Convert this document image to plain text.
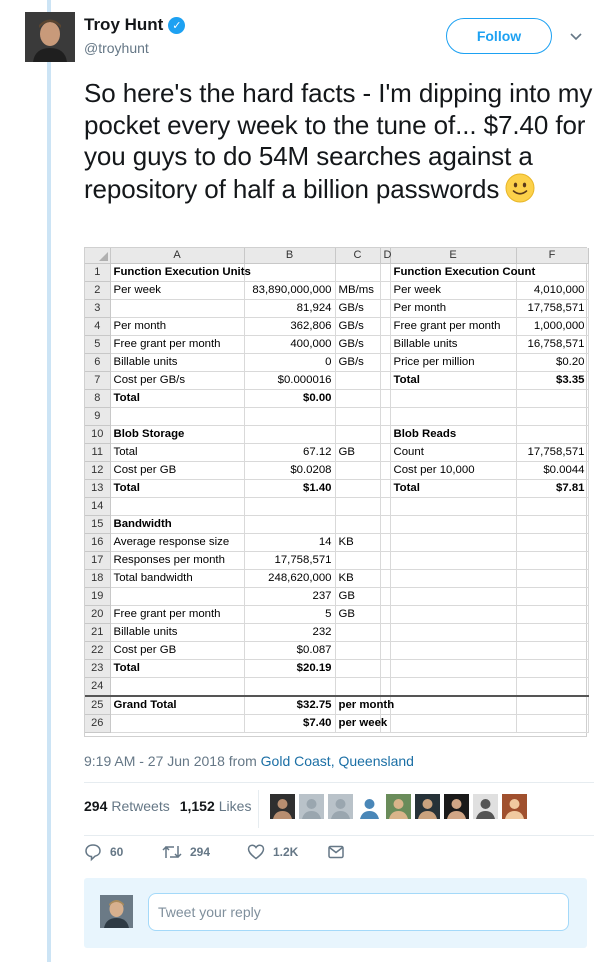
Troy Hunt ✓
@troyhunt
Follow
So here's the hard facts - I'm dipping into my pocket every week to the tune of... $7.40 for you guys to do 54M searches against a repository of half a billion passwords
	A	B	C	D	E	F
1	Function Execution Units				Function Execution Count	
2	Per week	83,890,000,000	MB/ms		Per week	4,010,000
3		81,924	GB/s		Per month	17,758,571
4	Per month	362,806	GB/s		Free grant per month	1,000,000
5	Free grant per month	400,000	GB/s		Billable units	16,758,571
6	Billable units	0	GB/s		Price per million	$0.20
7	Cost per GB/s	$0.000016			Total	$3.35
8	Total	$0.00				
9						
10	Blob Storage				Blob Reads	
11	Total	67.12	GB		Count	17,758,571
12	Cost per GB	$0.0208			Cost per 10,000	$0.0044
13	Total	$1.40			Total	$7.81
14						
15	Bandwidth					
16	Average response size	14	KB			
17	Responses per month	17,758,571				
18	Total bandwidth	248,620,000	KB			
19		237	GB			
20	Free grant per month	5	GB			
21	Billable units	232				
22	Cost per GB	$0.087				
23	Total	$20.19				
24						
25	Grand Total	$32.75	per month			
26		$7.40	per week			
9:19 AM - 27 Jun 2018 from Gold Coast, Queensland
294 Retweets 1,152 Likes
60	294	1.2K
Tweet your reply
